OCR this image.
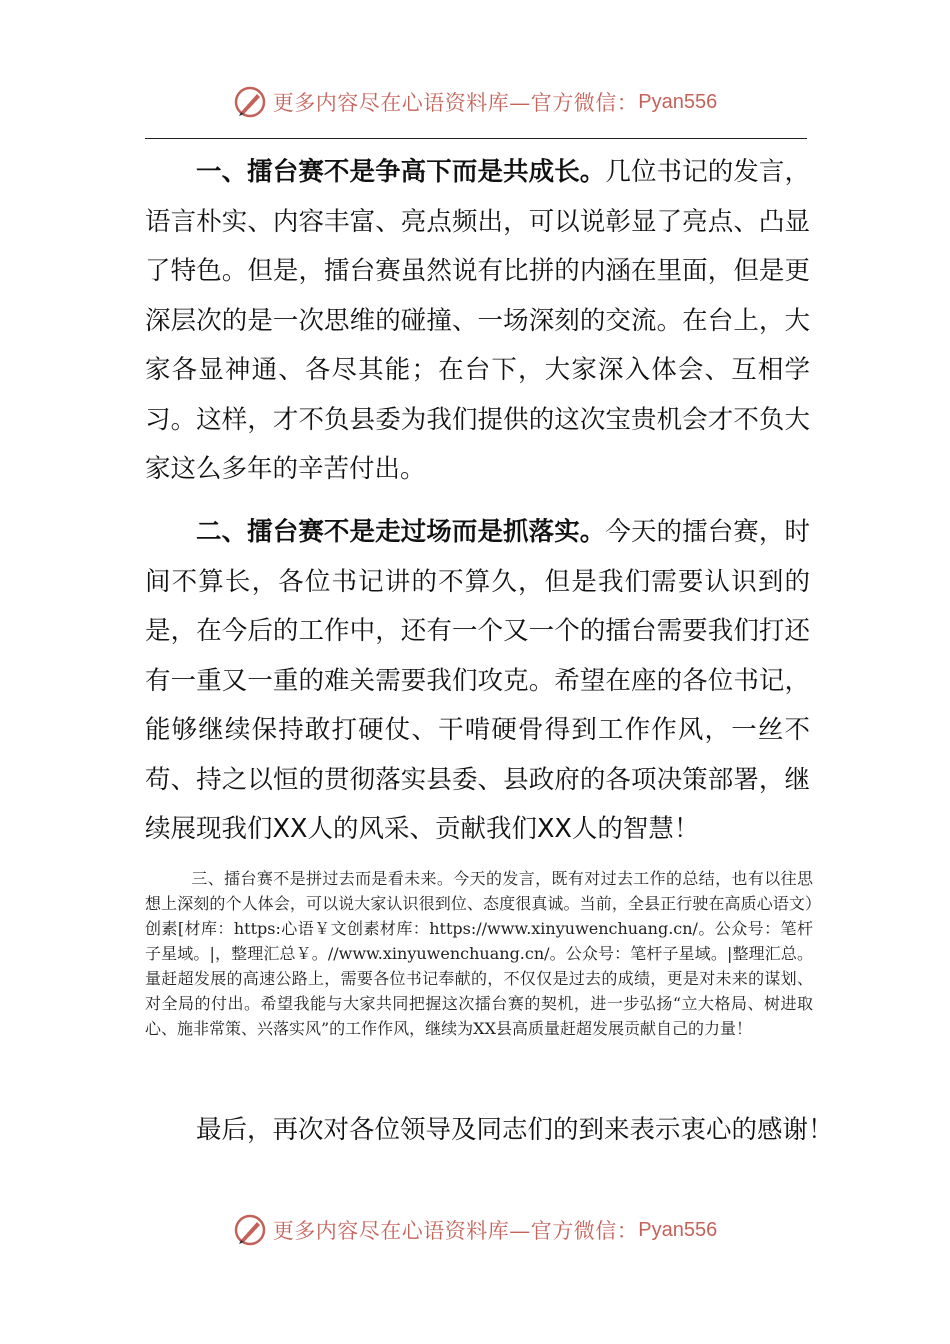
更多内容尽在心语资料库—官方微信： Pyan556

一、擂台赛不是争高下而是共成长。几位书记的发言，语言朴实、内容丰富、亮点频出，可以说彰显了亮点、凸显了特色。但是，擂台赛虽然说有比拼的内涵在里面，但是更深层次的是一次思维的碰撞、一场深刻的交流。在台上，大家各显神通、各尽其能；在台下，大家深入体会、互相学习。这样，才不负县委为我们提供的这次宝贵机会才不负大家这么多年的辛苦付出。

二、擂台赛不是走过场而是抓落实。今天的擂台赛，时间不算长，各位书记讲的不算久，但是我们需要认识到的是，在今后的工作中，还有一个又一个的擂台需要我们打还有一重又一重的难关需要我们攻克。希望在座的各位书记，能够继续保持敢打硬仗、干啃硬骨得到工作作风，一丝不苟、持之以恒的贯彻落实县委、县政府的各项决策部署，继续展现我们XX人的风采、贡献我们XX人的智慧！

三、擂台赛不是拼过去而是看未来。今天的发言，既有对过去工作的总结，也有以往思想上深刻的个人体会，可以说大家认识很到位、态度很真诚。当前，全县正行驶在高质心语文）创素[材库：https:心语￥文创素材库：https://www.xinyuwenchuang.cn/。公众号：笔杆子星域。|，整理汇总￥。//www.xinyuwenchuang.cn/。公众号：笔杆子星域。|整理汇总。量赶超发展的高速公路上，需要各位书记奉献的，不仅仅是过去的成绩，更是对未来的谋划、对全局的付出。希望我能与大家共同把握这次擂台赛的契机，进一步弘扬“立大格局、树进取心、施非常策、兴落实风”的工作作风，继续为XX县高质量赶超发展贡献自己的力量！

最后，再次对各位领导及同志们的到来表示衷心的感谢！

更多内容尽在心语资料库—官方微信： Pyan556
